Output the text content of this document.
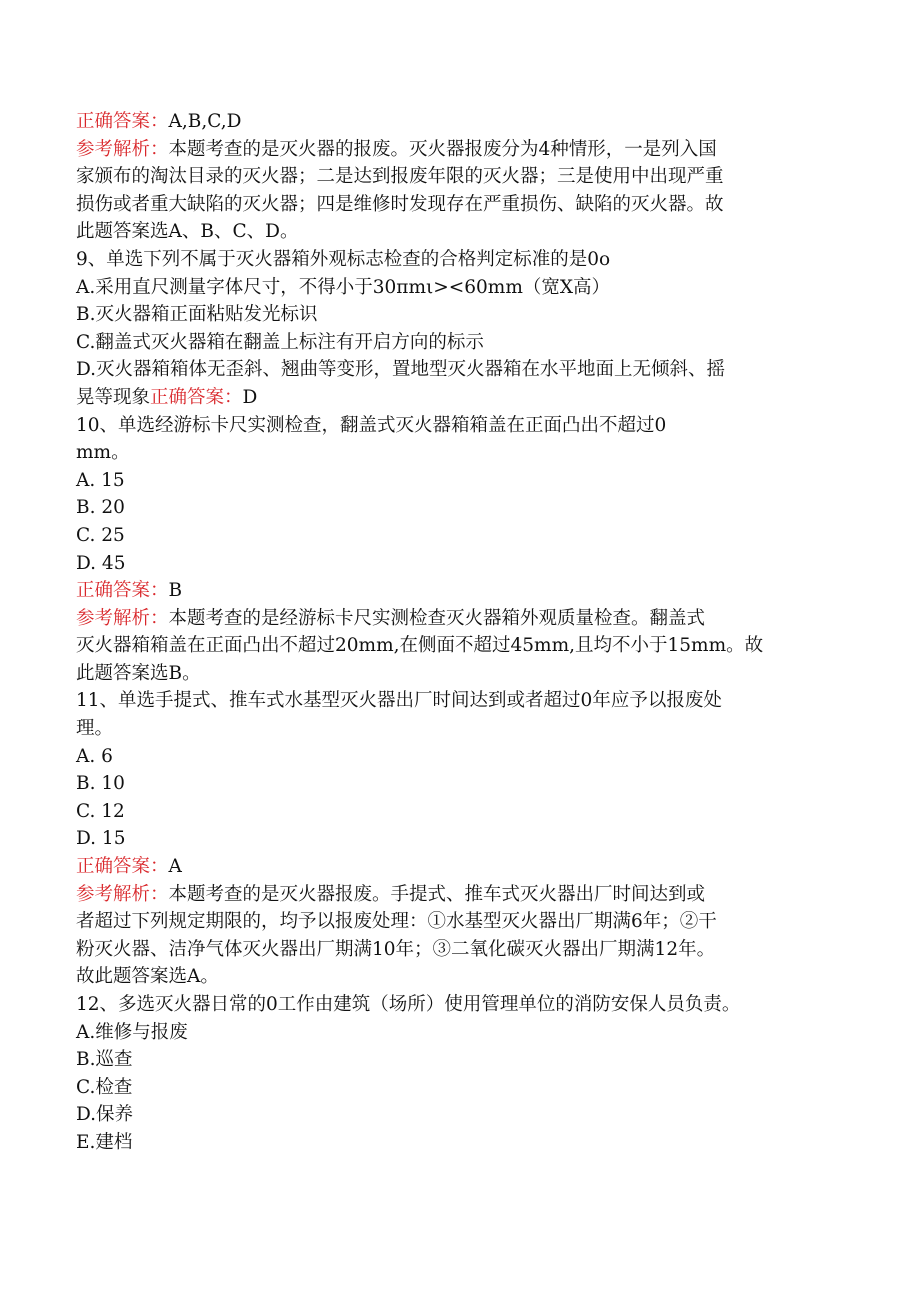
正确答案：A,B,C,D
参考解析：本题考查的是灭火器的报废。灭火器报废分为4种情形，一是列入国
家颁布的淘汰目录的灭火器；二是达到报废年限的灭火器；三是使用中出现严重
损伤或者重大缺陷的灭火器；四是维修时发现存在严重损伤、缺陷的灭火器。故
此题答案选A、B、C、D。
9、单选下列不属于灭火器箱外观标志检查的合格判定标准的是0o
A.采用直尺测量字体尺寸，不得小于30πmι><60mm（宽X高）
B.灭火器箱正面粘贴发光标识
C.翻盖式灭火器箱在翻盖上标注有开启方向的标示
D.灭火器箱箱体无歪斜、翘曲等变形，置地型灭火器箱在水平地面上无倾斜、摇
晃等现象正确答案：D
10、单选经游标卡尺实测检查，翻盖式灭火器箱箱盖在正面凸出不超过0
mm。
A. 15
B. 20
C. 25
D. 45
正确答案：B
参考解析：本题考查的是经游标卡尺实测检查灭火器箱外观质量检查。翻盖式
灭火器箱箱盖在正面凸出不超过20mm,在侧面不超过45mm,且均不小于15mm。故
此题答案选B。
11、单选手提式、推车式水基型灭火器出厂时间达到或者超过0年应予以报废处
理。
A. 6
B. 10
C. 12
D. 15
正确答案：A
参考解析：本题考查的是灭火器报废。手提式、推车式灭火器出厂时间达到或
者超过下列规定期限的，均予以报废处理：①水基型灭火器出厂期满6年；②干
粉灭火器、洁净气体灭火器出厂期满10年；③二氧化碳灭火器出厂期满12年。
故此题答案选A。
12、多选灭火器日常的0工作由建筑（场所）使用管理单位的消防安保人员负责。
A.维修与报废
B.巡查
C.检查
D.保养
E.建档
